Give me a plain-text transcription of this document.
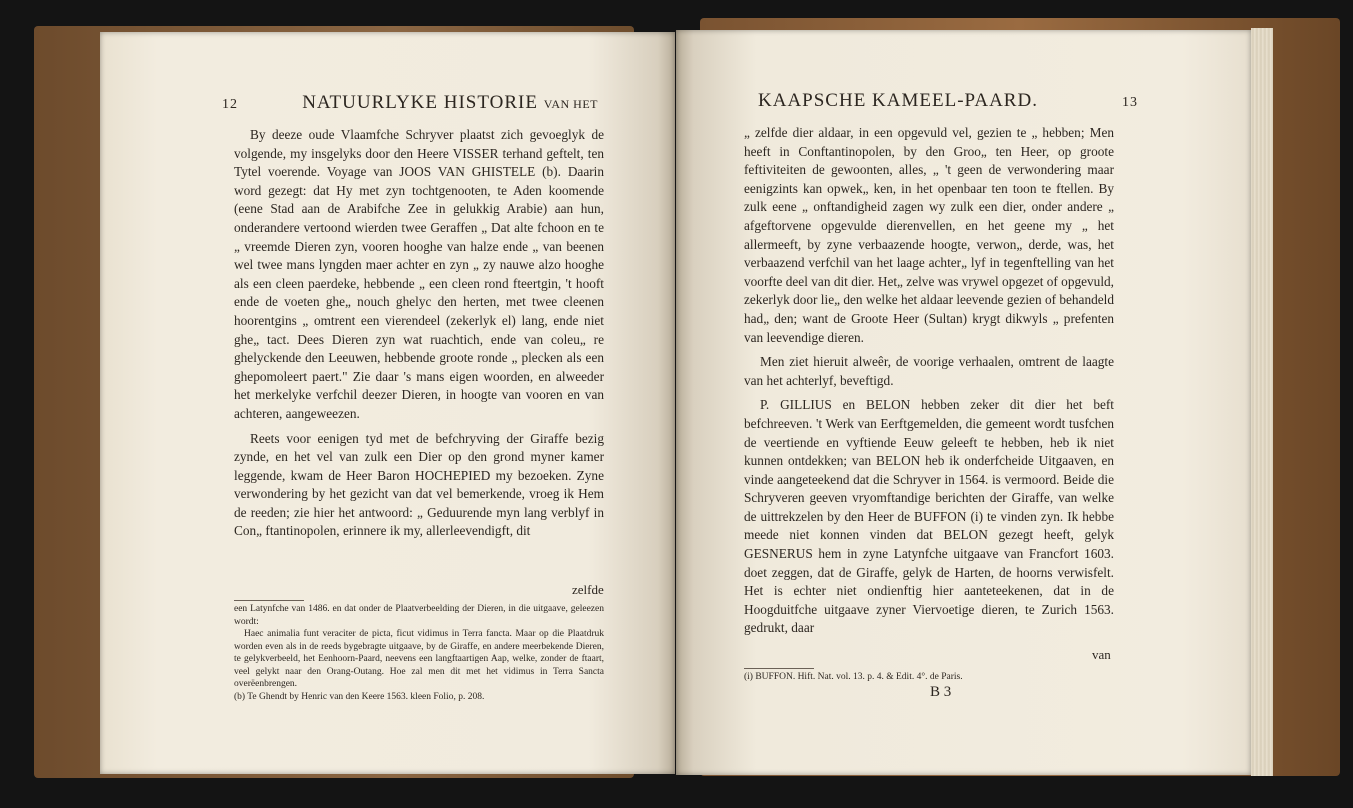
12	NATUURLYKE HISTORIE VAN HET	KAAPSCHE KAMEEL-PAARD.	13

By deeze oude Vlaamfche Schryver plaatst zich gevoeglyk de volgende, my insgelyks door den Heere VISSER terhand geftelt, ten Tytel voerende. Voyage van JOOS VAN GHISTELE (b). Daarin word gezegt: dat Hy met zyn tochtgenooten, te Aden koomende (eene Stad aan de Arabifche Zee in gelukkig Arabie) aan hun, onderandere vertoond wierden twee Geraffen „ Dat alte fchoon en te „ vreemde Dieren zyn, vooren hooghe van halze ende „ van beenen wel twee mans lyngden maer achter en zyn „ zy nauwe alzo hooghe als een cleen paerdeke, hebbende „ een cleen rond fteertgin, 't hooft ende de voeten ghe„ nouch ghelyc den herten, met twee cleenen hoorentgins „ omtrent een vierendeel (zekerlyk el) lang, ende niet ghe„ tact. Dees Dieren zyn wat ruachtich, ende van coleu„ re ghelyckende den Leeuwen, hebbende groote ronde „ plecken als een ghepomoleert paert." Zie daar 's mans eigen woorden, en alweeder het merkelyke verfchil deezer Dieren, in hoogte van vooren en van achteren, aangeweezen.

Reets voor eenigen tyd met de befchryving der Giraffe bezig zynde, en het vel van zulk een Dier op den grond myner kamer leggende, kwam de Heer Baron HOCHEPIED my bezoeken. Zyne verwondering by het gezicht van dat vel bemerkende, vroeg ik Hem de reeden; zie hier het antwoord: „ Geduurende myn lang verblyf in Con„ ftantinopolen, erinnere ik my, allerleevendigft, dit

zelfde

een Latynfche van 1486. en dat onder de Plaatverbeelding der Dieren, in die uitgaave, geleezen wordt:

Haec animalia funt veraciter de picta, ficut vidimus in Terra fancta. Maar op die Plaatdruk worden even als in de reeds bygebragte uitgaave, by de Giraffe, en andere meerbekende Dieren, te gelykverbeeld, het Eenhoorn-Paard, neevens een langftaartigen Aap, welke, zonder de ftaart, veel gelykt naar den Orang-Outang. Hoe zal men dit met het vidimus in Terra Sancta overëenbrengen.

(b) Te Ghendt by Henric van den Keere 1563. kleen Folio, p. 208.

„ zelfde dier aldaar, in een opgevuld vel, gezien te „ hebben; Men heeft in Conftantinopolen, by den Groo„ ten Heer, op groote feftiviteiten de gewoonten, alles, „ 't geen de verwondering maar eenigzints kan opwek„ ken, in het openbaar ten toon te ftellen. By zulk eene „ onftandigheid zagen wy zulk een dier, onder andere „ afgeftorvene opgevulde dierenvellen, en het geene my „ het allermeeft, by zyne verbaazende hoogte, verwon„ derde, was, het verbaazend verfchil van het laage achter„ lyf in tegenftelling van het voorfte deel van dit dier. Het„ zelve was vrywel opgezet of opgevuld, zekerlyk door lie„ den welke het aldaar leevende gezien of behandeld had„ den; want de Groote Heer (Sultan) krygt dikwyls „ prefenten van leevendige dieren.

Men ziet hieruit alweêr, de voorige verhaalen, omtrent de laagte van het achterlyf, beveftigd.

P. GILLIUS en BELON hebben zeker dit dier het beft befchreeven. 't Werk van Eerftgemelden, die gemeent wordt tusfchen de veertiende en vyftiende Eeuw geleeft te hebben, heb ik niet kunnen ontdekken; van BELON heb ik onderfcheide Uitgaaven, en vinde aangeteekend dat die Schryver in 1564. is vermoord. Beide die Schryveren geeven vryomftandige berichten der Giraffe, van welke de uittrekzelen by den Heer de BUFFON (i) te vinden zyn. Ik hebbe meede niet konnen vinden dat BELON gezegt heeft, gelyk GESNERUS hem in zyne Latynfche uitgaave van Francfort 1603. doet zeggen, dat de Giraffe, gelyk de Harten, de hoorns verwisfelt. Het is echter niet ondienftig hier aanteteekenen, dat in de Hoogduitfche uitgaave zyner Viervoetige dieren, te Zurich 1563. gedrukt, daar

van

(i) BUFFON. Hift. Nat. vol. 13. p. 4. & Edit. 4°. de Paris.

B 3
